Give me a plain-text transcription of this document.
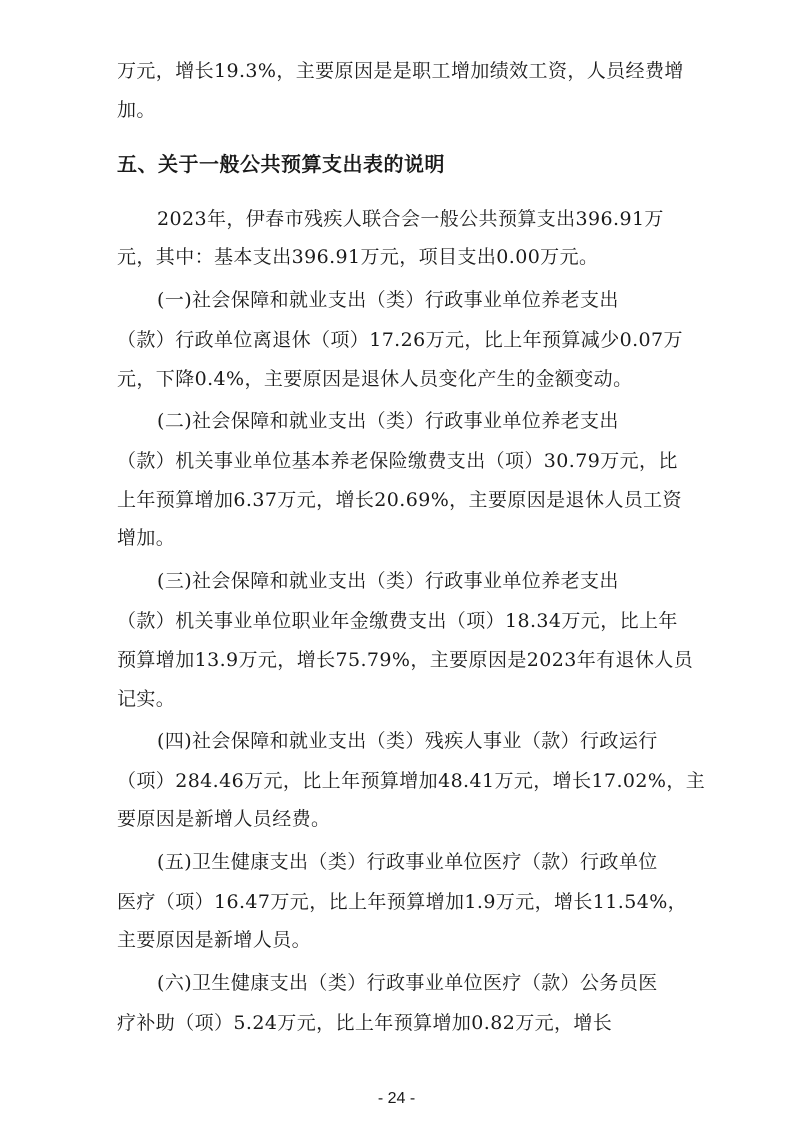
万元，增长19.3%，主要原因是是职工增加绩效工资，人员经费增

加。

五、关于一般公共预算支出表的说明

2023年，伊春市残疾人联合会一般公共预算支出396.91万

元，其中：基本支出396.91万元，项目支出0.00万元。

(一)社会保障和就业支出（类）行政事业单位养老支出

（款）行政单位离退休（项）17.26万元，比上年预算减少0.07万

元，下降0.4%，主要原因是退休人员变化产生的金额变动。

(二)社会保障和就业支出（类）行政事业单位养老支出

（款）机关事业单位基本养老保险缴费支出（项）30.79万元，比

上年预算增加6.37万元，增长20.69%，主要原因是退休人员工资

增加。

(三)社会保障和就业支出（类）行政事业单位养老支出

（款）机关事业单位职业年金缴费支出（项）18.34万元，比上年

预算增加13.9万元，增长75.79%，主要原因是2023年有退休人员

记实。

(四)社会保障和就业支出（类）残疾人事业（款）行政运行

（项）284.46万元，比上年预算增加48.41万元，增长17.02%，主

要原因是新增人员经费。

(五)卫生健康支出（类）行政事业单位医疗（款）行政单位

医疗（项）16.47万元，比上年预算增加1.9万元，增长11.54%，

主要原因是新增人员。

(六)卫生健康支出（类）行政事业单位医疗（款）公务员医

疗补助（项）5.24万元，比上年预算增加0.82万元，增长

- 24 -
